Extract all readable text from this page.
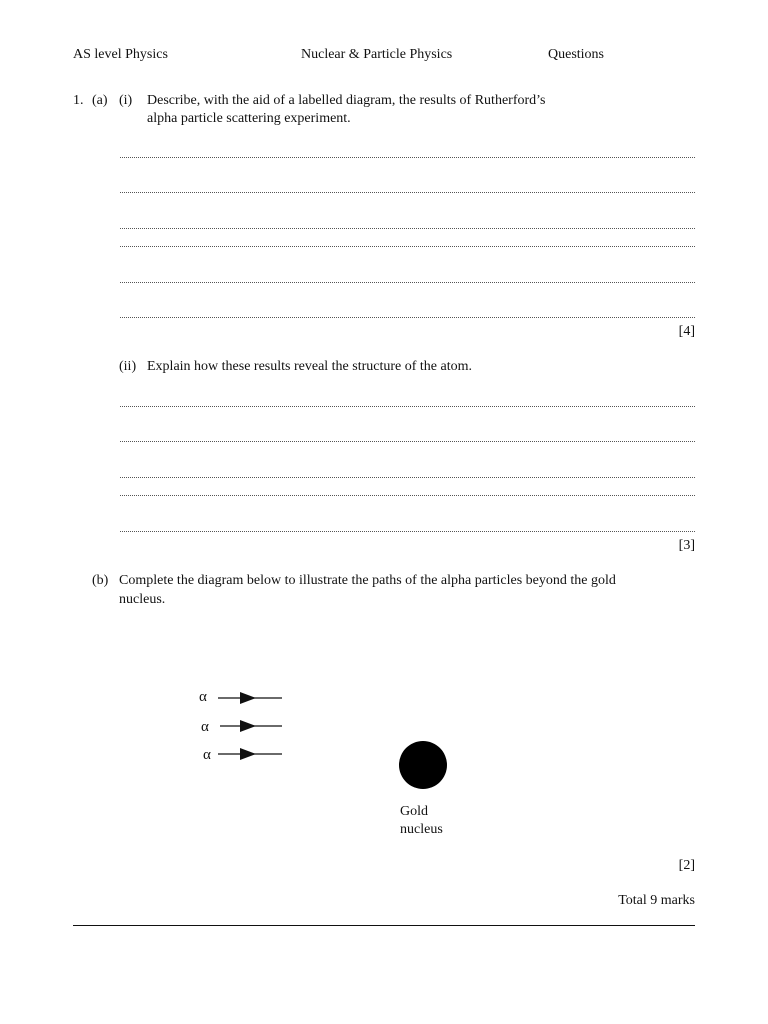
AS level Physics	Nuclear & Particle Physics	Questions
1. (a) (i) Describe, with the aid of a labelled diagram, the results of Rutherford’s
alpha particle scattering experiment.
[4]
(ii) Explain how these results reveal the structure of the atom.
[3]
(b) Complete the diagram below to illustrate the paths of the alpha particles beyond the gold
nucleus.
α
α
α
Gold
nucleus
[2]
Total 9 marks
